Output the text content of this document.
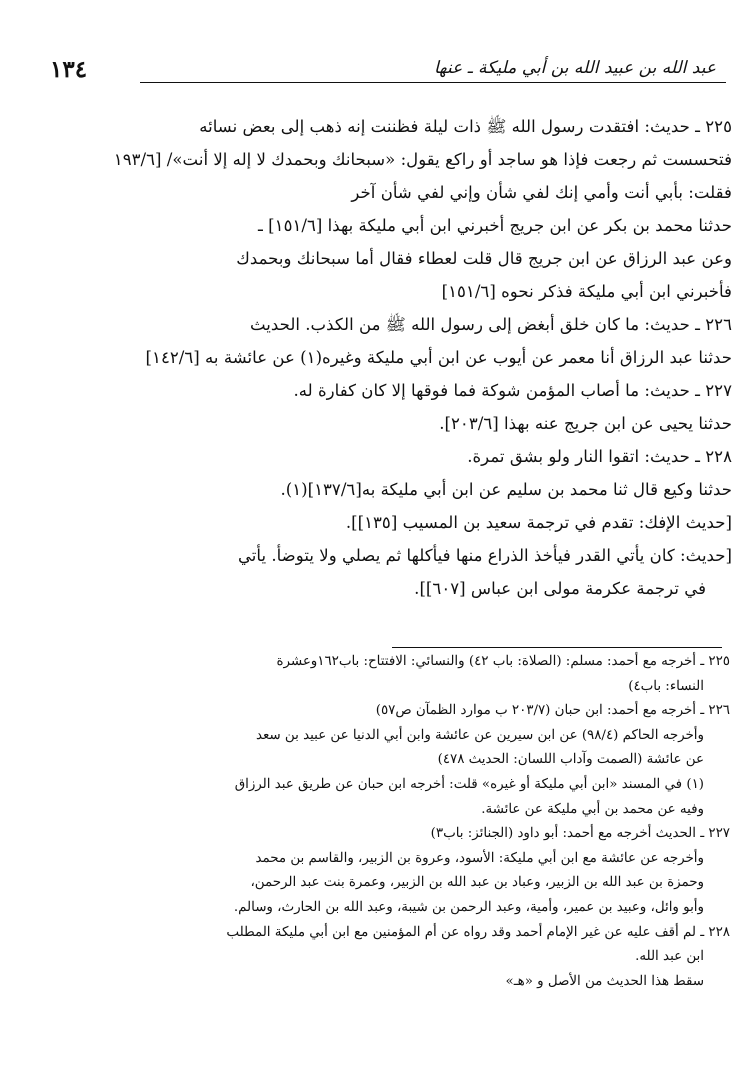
١٣٤	عبد الله بن عبيد الله بن أبي مليكة ـ عنها
٢٢٥ ـ حديث: افتقدت رسول الله ﷺ ذات ليلة فظننت إنه ذهب إلى بعض نسائه
فتحسست ثم رجعت فإذا هو ساجد أو راكع يقول: «سبحانك وبحمدك لا إله إلا أنت»/ [١٩٣/٦
فقلت: بأبي أنت وأمي إنك لفي شأن وإني لفي شأن آخر
حدثنا محمد بن بكر عن ابن جريج أخبرني ابن أبي مليكة بهذا [١٥١/٦] ـ
وعن عبد الرزاق عن ابن جريج قال قلت لعطاء فقال أما سبحانك وبحمدك
فأخبرني ابن أبي مليكة فذكر نحوه [١٥١/٦]
٢٢٦ ـ حديث: ما كان خلق أبغض إلى رسول الله ﷺ من الكذب. الحديث
حدثنا عبد الرزاق أنا معمر عن أيوب عن ابن أبي مليكة وغيره(١) عن عائشة به [١٤٢/٦]
٢٢٧ ـ حديث: ما أصاب المؤمن شوكة فما فوقها إلا كان كفارة له.
حدثنا يحيى عن ابن جريج عنه بهذا [٢٠٣/٦].
٢٢٨ ـ حديث: اتقوا النار ولو بشق تمرة.
حدثنا وكيع قال ثنا محمد بن سليم عن ابن أبي مليكة به[١٣٧/٦](١).
[حديث الإفك: تقدم في ترجمة سعيد بن المسيب [١٣٥]].
[حديث: كان يأتي القدر فيأخذ الذراع منها فيأكلها ثم يصلي ولا يتوضأ. يأتي
في ترجمة عكرمة مولى ابن عباس [٦٠٧]].
٢٢٥ ـ أخرجه مع أحمد: مسلم: (الصلاة: باب ٤٢) والنسائي: الافتتاح: باب١٦٢وعشرة
النساء: باب٤)
٢٢٦ ـ أخرجه مع أحمد: ابن حبان (٢٠٣/٧ ب موارد الظمآن ص٥٧)
وأخرجه الحاكم (٩٨/٤) عن ابن سيرين عن عائشة وابن أبي الدنيا عن عبيد بن سعد
عن عائشة (الصمت وآداب اللسان: الحديث ٤٧٨)
(١) في المسند «ابن أبي مليكة أو غيره» قلت: أخرجه ابن حبان عن طريق عبد الرزاق
وفيه عن محمد بن أبي مليكة عن عائشة.
٢٢٧ ـ الحديث أخرجه مع أحمد: أبو داود (الجنائز: باب٣)
وأخرجه عن عائشة مع ابن أبي مليكة: الأسود، وعروة بن الزبير، والقاسم بن محمد
وحمزة بن عبد الله بن الزبير، وعباد بن عبد الله بن الزبير، وعمرة بنت عبد الرحمن،
وأبو وائل، وعبيد بن عمير، وأمية، وعبد الرحمن بن شيبة، وعبد الله بن الحارث، وسالم.
٢٢٨ ـ لم أقف عليه عن غير الإمام أحمد وقد رواه عن أم المؤمنين مع ابن أبي مليكة المطلب
ابن عبد الله.
سقط هذا الحديث من الأصل و «هـ»
